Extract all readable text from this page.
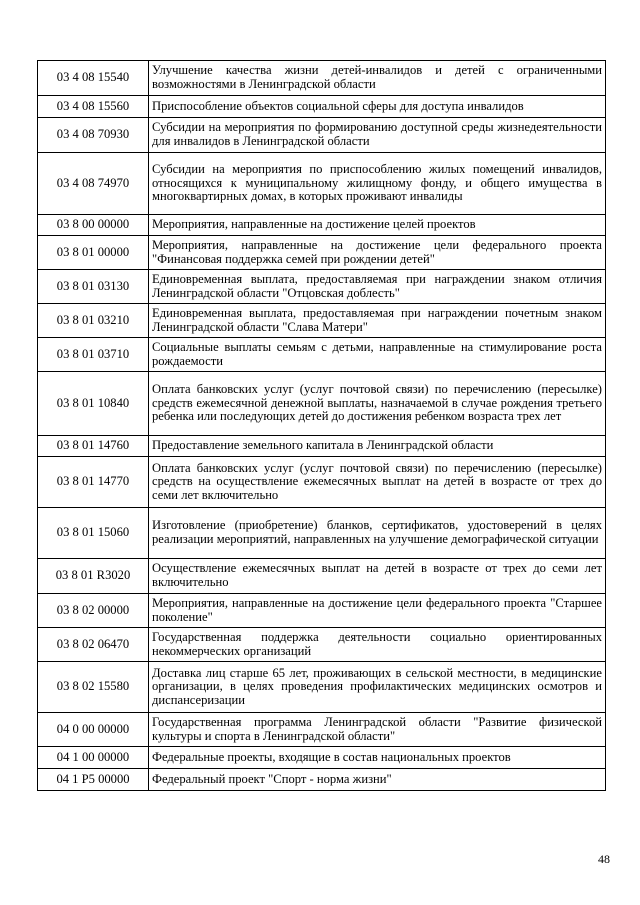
03 4 08 15540	Улучшение качества жизни детей-инвалидов и детей с ограниченными возможностями в Ленинградской области
03 4 08 15560	Приспособление объектов социальной сферы для доступа инвалидов
03 4 08 70930	Субсидии на мероприятия по формированию доступной среды жизнедеятельности для инвалидов в Ленинградской области
03 4 08 74970	Субсидии на мероприятия по приспособлению жилых помещений инвалидов, относящихся к муниципальному жилищному фонду, и общего имущества в многоквартирных домах, в которых проживают инвалиды
03 8 00 00000	Мероприятия, направленные на достижение целей проектов
03 8 01 00000	Мероприятия, направленные на достижение цели федерального проекта "Финансовая поддержка семей при рождении детей"
03 8 01 03130	Единовременная выплата, предоставляемая при награждении знаком отличия Ленинградской области "Отцовская доблесть"
03 8 01 03210	Единовременная выплата, предоставляемая при награждении почетным знаком Ленинградской области "Слава Матери"
03 8 01 03710	Социальные выплаты семьям с детьми, направленные на стимулирование роста рождаемости
03 8 01 10840	Оплата банковских услуг (услуг почтовой связи) по перечислению (пересылке) средств ежемесячной денежной выплаты, назначаемой в случае рождения третьего ребенка или последующих детей до достижения ребенком возраста трех лет
03 8 01 14760	Предоставление земельного капитала в Ленинградской области
03 8 01 14770	Оплата банковских услуг (услуг почтовой связи) по перечислению (пересылке) средств на осуществление ежемесячных выплат на детей в возрасте от трех до семи лет включительно
03 8 01 15060	Изготовление (приобретение) бланков, сертификатов, удостоверений в целях реализации мероприятий, направленных на улучшение демографической ситуации
03 8 01 R3020	Осуществление ежемесячных выплат на детей в возрасте от трех до семи лет включительно
03 8 02 00000	Мероприятия, направленные на достижение цели федерального проекта "Старшее поколение"
03 8 02 06470	Государственная поддержка деятельности социально ориентированных некоммерческих организаций
03 8 02 15580	Доставка лиц старше 65 лет, проживающих в сельской местности, в медицинские организации, в целях проведения профилактических медицинских осмотров и диспансеризации
04 0 00 00000	Государственная программа Ленинградской области "Развитие физической культуры и спорта в Ленинградской области"
04 1 00 00000	Федеральные проекты, входящие в состав национальных проектов
04 1 P5 00000	Федеральный проект "Спорт - норма жизни"
48
